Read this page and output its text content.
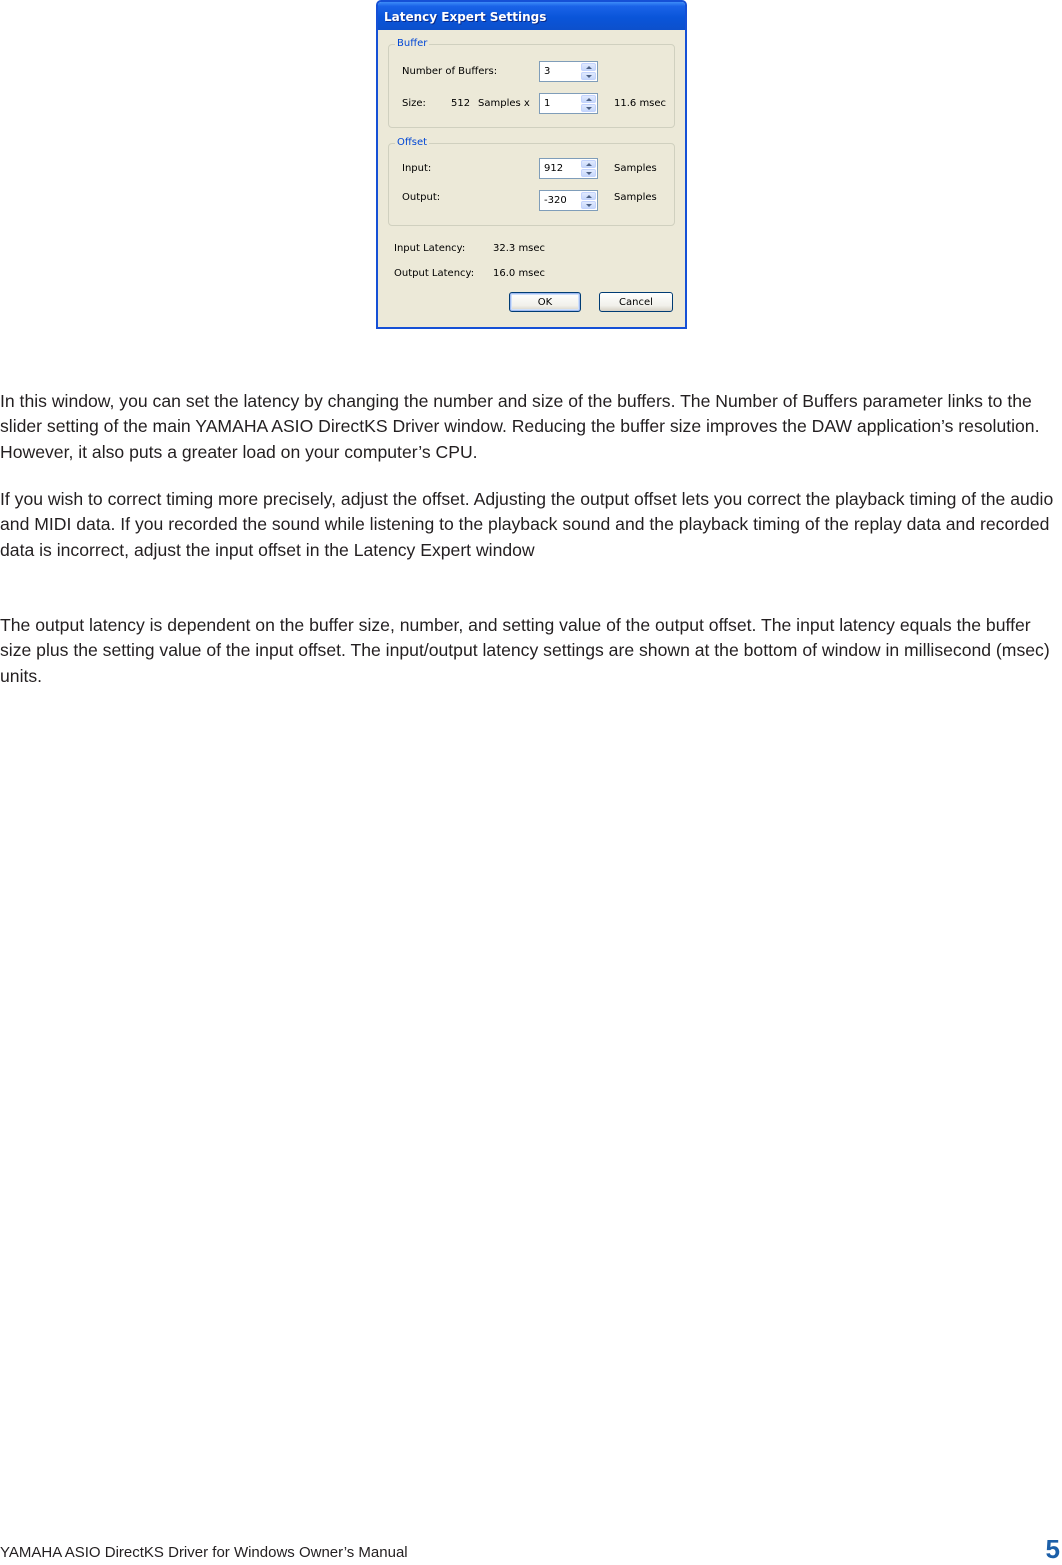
Latency Expert Settings
Buffer
Number of Buffers:	3
Size:	512 Samples x 1	11.6 msec
Offset
Input:	912	Samples
Output:	-320	Samples
Input Latency:	32.3 msec
Output Latency: 16.0 msec
OK	Cancel

In this window, you can set the latency by changing the number and size of the buffers. The Number of Buffers parameter links to the slider setting of the main YAMAHA ASIO DirectKS Driver window. Reducing the buffer size improves the DAW application’s resolution. However, it also puts a greater load on your computer’s CPU.

If you wish to correct timing more precisely, adjust the offset. Adjusting the output offset lets you correct the playback timing of the audio and MIDI data. If you recorded the sound while listening to the playback sound and the playback timing of the replay data and recorded data is incorrect, adjust the input offset in the Latency Expert window

The output latency is dependent on the buffer size, number, and setting value of the output offset. The input latency equals the buffer size plus the setting value of the input offset. The input/output latency settings are shown at the bottom of window in millisecond (msec) units.

YAMAHA ASIO DirectKS Driver for Windows Owner’s Manual	5
